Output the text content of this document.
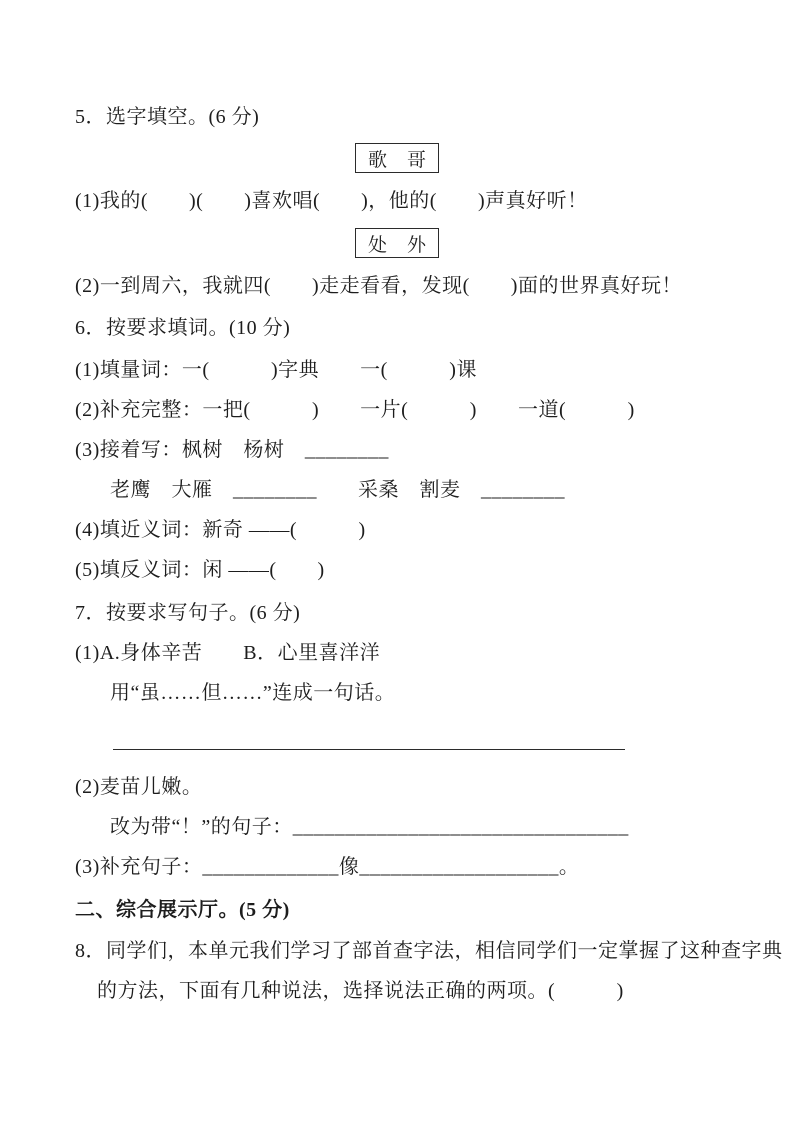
5．选字填空。(6 分)
歌 哥
(1)我的(　　)(　　)喜欢唱(　　)，他的(　　)声真好听！
处 外
(2)一到周六，我就四(　　)走走看看，发现(　　)面的世界真好玩！
6．按要求填词。(10 分)
(1)填量词：一(　　　)字典　　一(　　　)课
(2)补充完整：一把(　　　)　　一片(　　　)　　一道(　　　)
(3)接着写：枫树　杨树　________
老鹰　大雁　________　　采桑　割麦　________
(4)填近义词：新奇 ——(　　　)
(5)填反义词：闲 ——(　　)
7．按要求写句子。(6 分)
(1)A.身体辛苦　　B．心里喜洋洋
用“虽……但……”连成一句话。
(2)麦苗儿嫩。
改为带“！”的句子：________________________________
(3)补充句子：_____________像___________________。
二、综合展示厅。(5 分)
8．同学们，本单元我们学习了部首查字法，相信同学们一定掌握了这种查字典
的方法，下面有几种说法，选择说法正确的两项。(　　　)
